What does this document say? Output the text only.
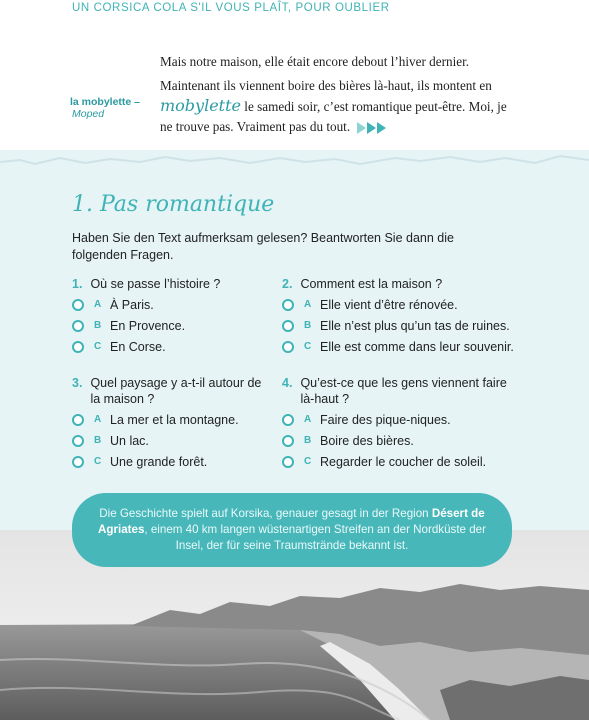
UN CORSICA COLA S'IL VOUS PLAÎT, POUR OUBLIER
la mobylette –
Moped

Mais notre maison, elle était encore debout l’hiver dernier.

Maintenant ils viennent boire des bières là-haut, ils montent en mobylette le samedi soir, c’est romantique peut-être. Moi, je ne trouve pas. Vraiment pas du tout.

1. Pas romantique
Haben Sie den Text aufmerksam gelesen? Beantworten Sie dann die folgenden Fragen.
1. Où se passe l’histoire ?
A À Paris.
B En Provence.
C En Corse.
2. Comment est la maison ?
A Elle vient d’être rénovée.
B Elle n’est plus qu’un tas de ruines.
C Elle est comme dans leur souvenir.
3. Quel paysage y a-t-il autour de la maison ?
A La mer et la montagne.
B Un lac.
C Une grande forêt.
4. Qu’est-ce que les gens viennent faire là-haut ?
A Faire des pique-niques.
B Boire des bières.
C Regarder le coucher de soleil.
Die Geschichte spielt auf Korsika, genauer gesagt in der Region Désert de Agriates, einem 40 km langen wüstenartigen Streifen an der Nordküste der Insel, der für seine Traumstrände bekannt ist.
